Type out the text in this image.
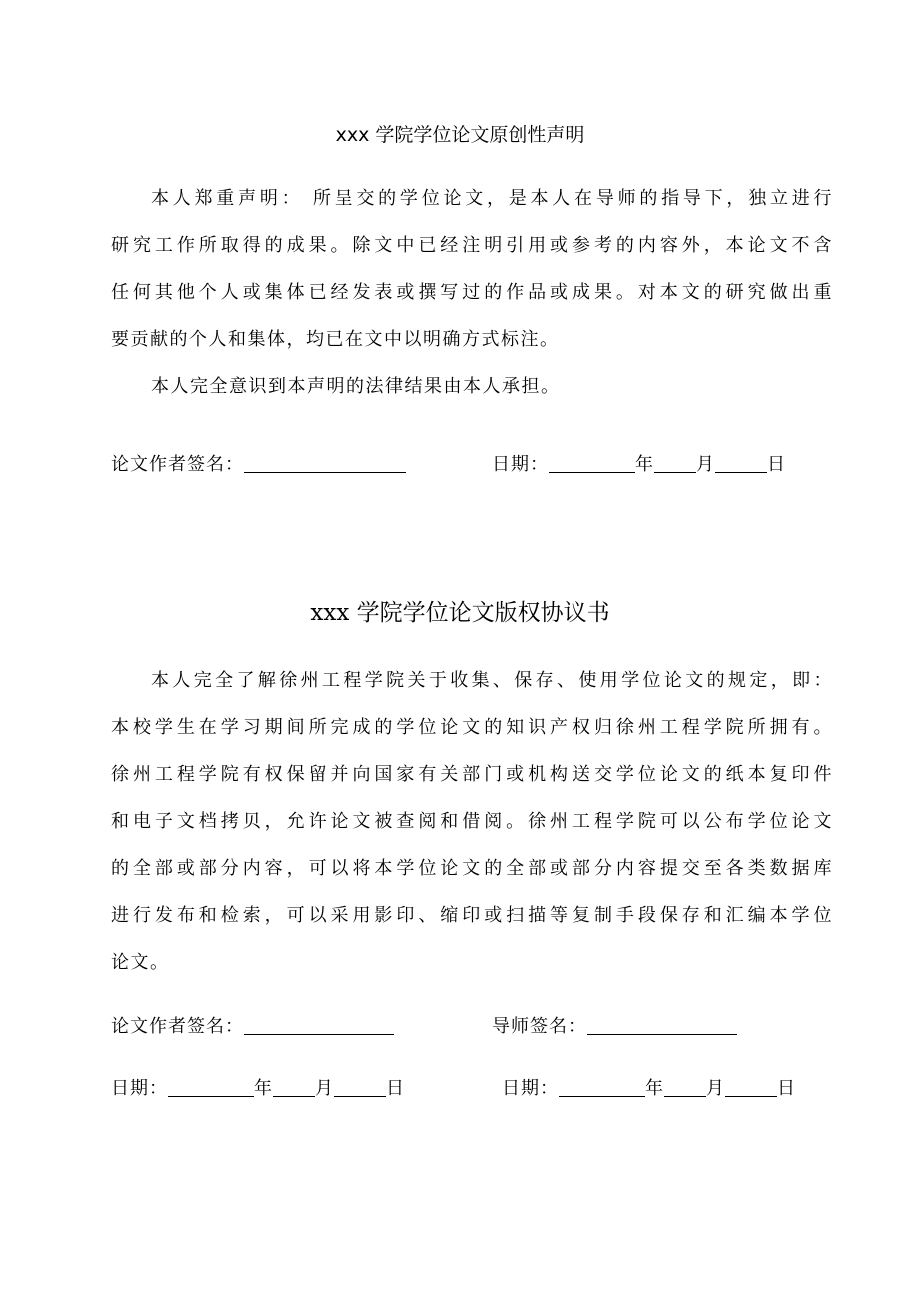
xxx 学院学位论文原创性声明
本人郑重声明： 所呈交的学位论文，是本人在导师的指导下，独立进行
研究工作所取得的成果。除文中已经注明引用或参考的内容外，本论文不含
任何其他个人或集体已经发表或撰写过的作品或成果。对本文的研究做出重
要贡献的个人和集体，均已在文中以明确方式标注。
本人完全意识到本声明的法律结果由本人承担。
论文作者签名：	日期：	年 月	日
xxx 学院学位论文版权协议书
本人完全了解徐州工程学院关于收集、保存、使用学位论文的规定，即：
本校学生在学习期间所完成的学位论文的知识产权归徐州工程学院所拥有。
徐州工程学院有权保留并向国家有关部门或机构送交学位论文的纸本复印件
和电子文档拷贝，允许论文被查阅和借阅。徐州工程学院可以公布学位论文
的全部或部分内容，可以将本学位论文的全部或部分内容提交至各类数据库
进行发布和检索，可以采用影印、缩印或扫描等复制手段保存和汇编本学位
论文。
论文作者签名：	导师签名：
日期：	年 月	日	日期：	年 月	日
